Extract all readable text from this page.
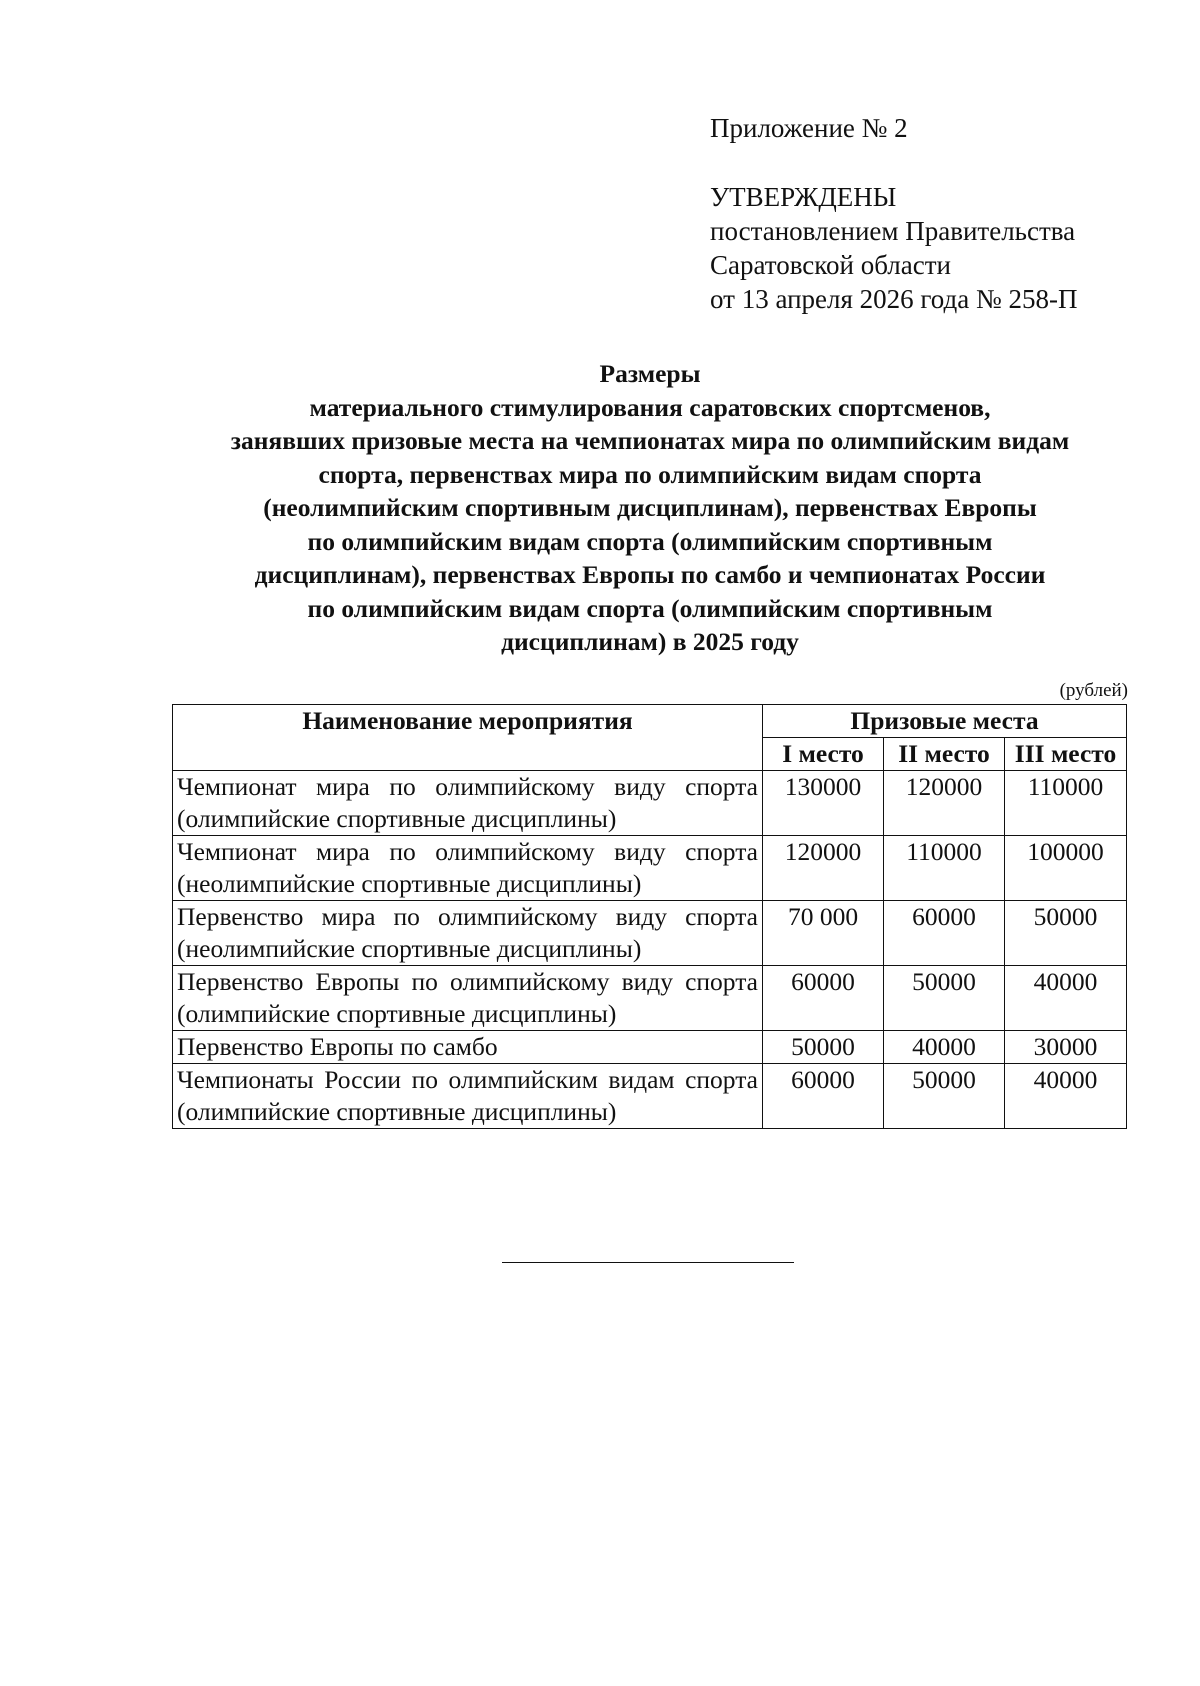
Приложение № 2
УТВЕРЖДЕНЫ
постановлением Правительства
Саратовской области
от 13 апреля 2026 года № 258-П
Размеры
материального стимулирования саратовских спортсменов,
занявших призовые места на чемпионатах мира по олимпийским видам
спорта, первенствах мира по олимпийским видам спорта
(неолимпийским спортивным дисциплинам), первенствах Европы
по олимпийским видам спорта (олимпийским спортивным
дисциплинам), первенствах Европы по самбо и чемпионатах России
по олимпийским видам спорта (олимпийским спортивным
дисциплинам) в 2025 году
(рублей)
Наименование мероприятия	Призовые места		
	I место	II место	III место
Чемпионат мира по олимпийскому виду спорта (олимпийские спортивные дисциплины)	130000	120000	110000
Чемпионат мира по олимпийскому виду спорта (неолимпийские спортивные дисциплины)	120000	110000	100000
Первенство мира по олимпийскому виду спорта (неолимпийские спортивные дисциплины)	70 000	60000	50000
Первенство Европы по олимпийскому виду спорта (олимпийские спортивные дисциплины)	60000	50000	40000
Первенство Европы по самбо	50000	40000	30000
Чемпионаты России по олимпийским видам спорта (олимпийские спортивные дисциплины)	60000	50000	40000
